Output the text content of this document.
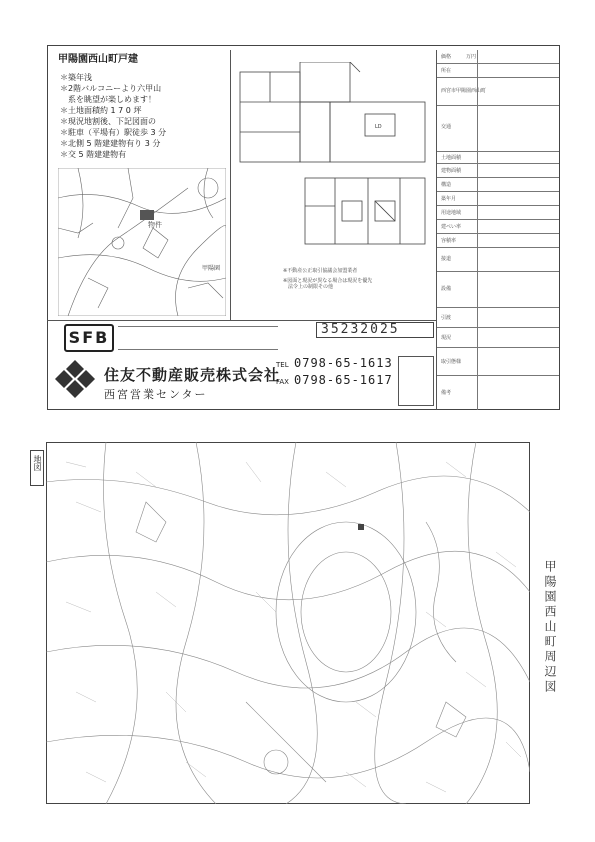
甲陽園西山町戸建
＊築年浅
＊2階バルコニーより六甲山
　系を眺望が楽しめます！
＊土地面積約 1 7 0 坪
＊現況地割後、下記図面の
＊駐車（平場有）駅徒歩 3 分
＊北側 5 階建建物有り 3 分
＊交 5 階建建物有
物件
甲陽園
LD
※不動産公正取引協議会加盟業者
※図面と現況が異なる場合は現況を優先
　法令上の制限その他
価格　　　万円
所在
西宮市甲陽園西山町
交通
土地面積
建物面積
構造
築年月
用途地域
建ぺい率
容積率
接道
設備
引渡
現況
取引態様
備考
SFB	35232025
住友不動産販売株式会社
西宮営業センター
TEL 0798-65-1613
FAX 0798-65-1617
地図
甲陽園西山町周辺図
